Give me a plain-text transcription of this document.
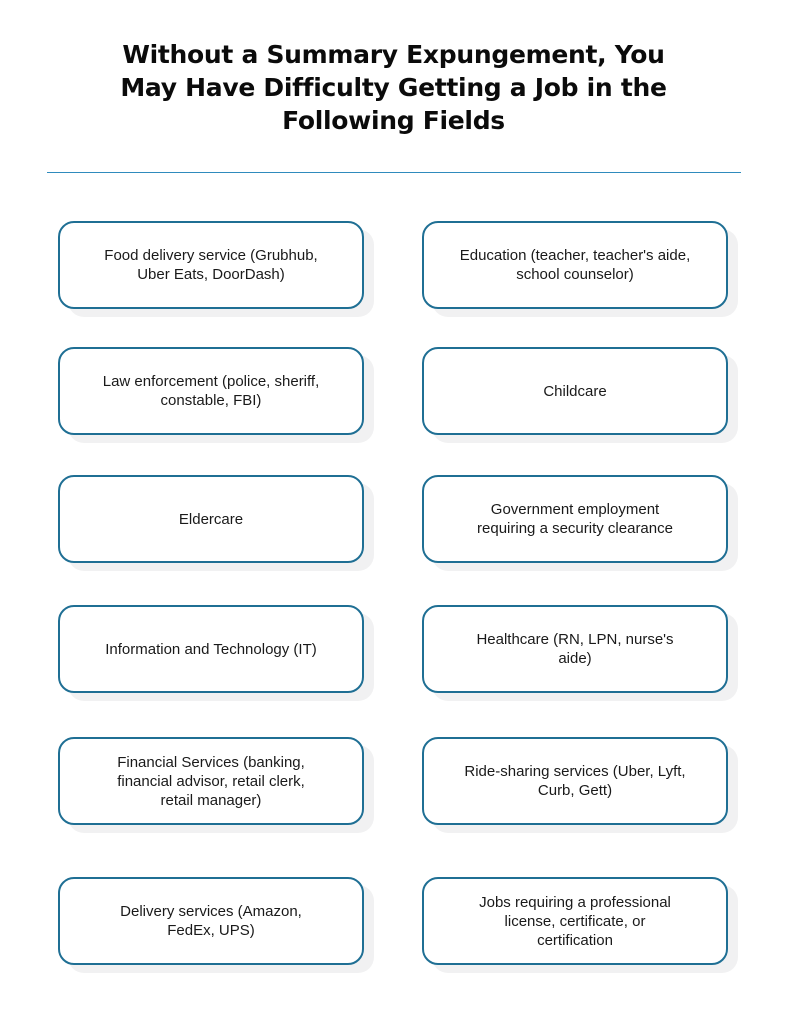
Without a Summary Expungement, You
May Have Difficulty Getting a Job in the
Following Fields
Food delivery service (Grubhub,
Uber Eats, DoorDash)
Education (teacher, teacher's aide,
school counselor)
Law enforcement (police, sheriff,
constable, FBI)
Childcare
Eldercare
Government employment
requiring a security clearance
Information and Technology (IT)
Healthcare (RN, LPN, nurse's
aide)
Financial Services (banking,
financial advisor, retail clerk,
retail manager)
Ride-sharing services (Uber, Lyft,
Curb, Gett)
Delivery services (Amazon,
FedEx, UPS)
Jobs requiring a professional
license, certificate, or
certification
